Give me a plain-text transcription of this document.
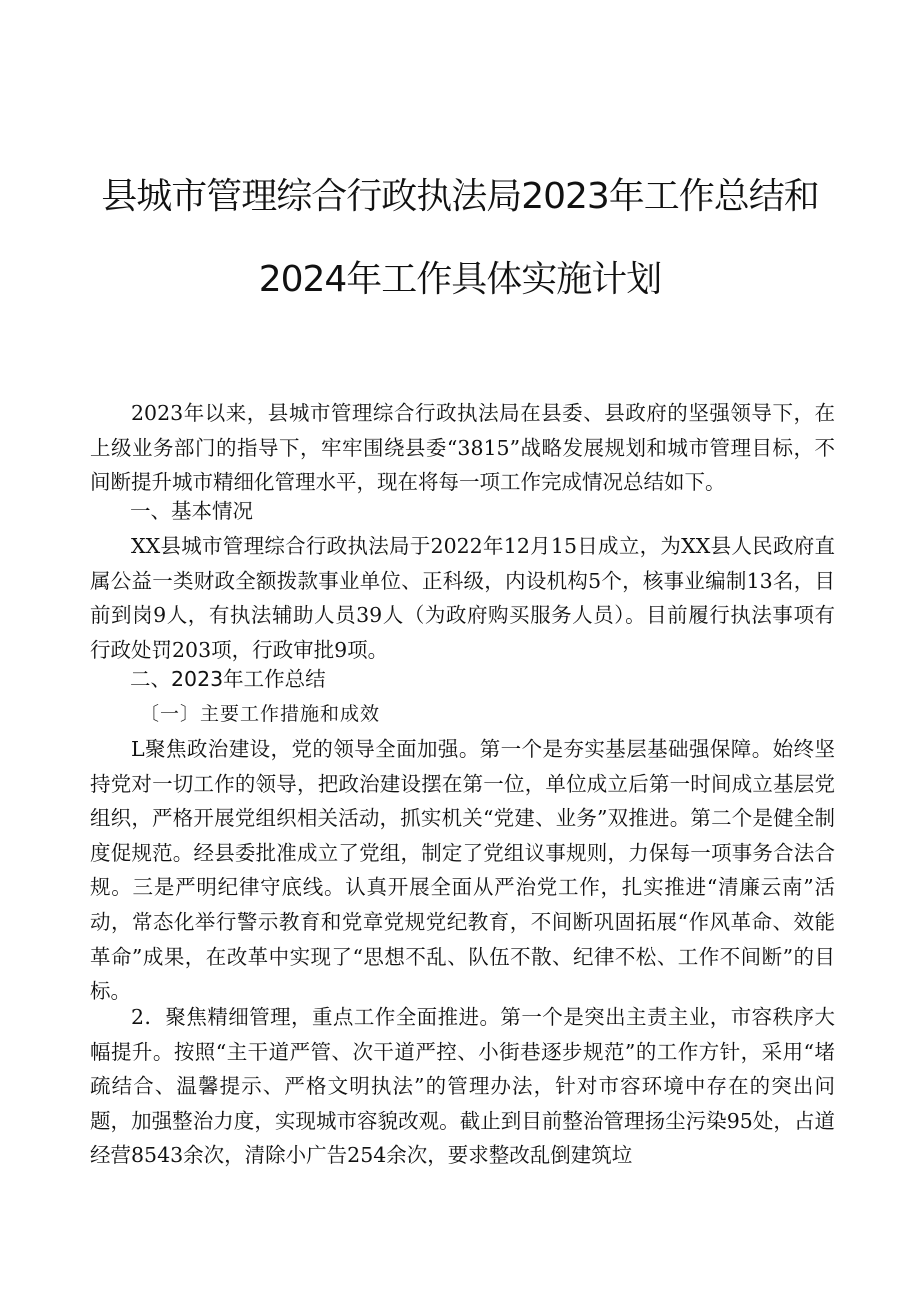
县城市管理综合行政执法局2023年工作总结和
2024年工作具体实施计划

2023年以来，县城市管理综合行政执法局在县委、县政府的坚强领导下，在上级业务部门的指导下，牢牢围绕县委“3815”战略发展规划和城市管理目标，不间断提升城市精细化管理水平，现在将每一项工作完成情况总结如下。

一、基本情况

XX县城市管理综合行政执法局于2022年12月15日成立，为XX县人民政府直属公益一类财政全额拨款事业单位、正科级，内设机构5个，核事业编制13名，目前到岗9人，有执法辅助人员39人（为政府购买服务人员）。目前履行执法事项有行政处罚203项，行政审批9项。

二、2023年工作总结
〔一〕主要工作措施和成效

L聚焦政治建设，党的领导全面加强。第一个是夯实基层基础强保障。始终坚持党对一切工作的领导，把政治建设摆在第一位，单位成立后第一时间成立基层党组织，严格开展党组织相关活动，抓实机关“党建、业务”双推进。第二个是健全制度促规范。经县委批准成立了党组，制定了党组议事规则，力保每一项事务合法合规。三是严明纪律守底线。认真开展全面从严治党工作，扎实推进“清廉云南”活动，常态化举行警示教育和党章党规党纪教育，不间断巩固拓展“作风革命、效能革命”成果，在改革中实现了“思想不乱、队伍不散、纪律不松、工作不间断”的目标。

2．聚焦精细管理，重点工作全面推进。第一个是突出主责主业，市容秩序大幅提升。按照“主干道严管、次干道严控、小街巷逐步规范”的工作方针，采用“堵疏结合、温馨提示、严格文明执法”的管理办法，针对市容环境中存在的突出问题，加强整治力度，实现城市容貌改观。截止到目前整治管理扬尘污染95处，占道经营8543余次，清除小广告254余次，要求整改乱倒建筑垃
